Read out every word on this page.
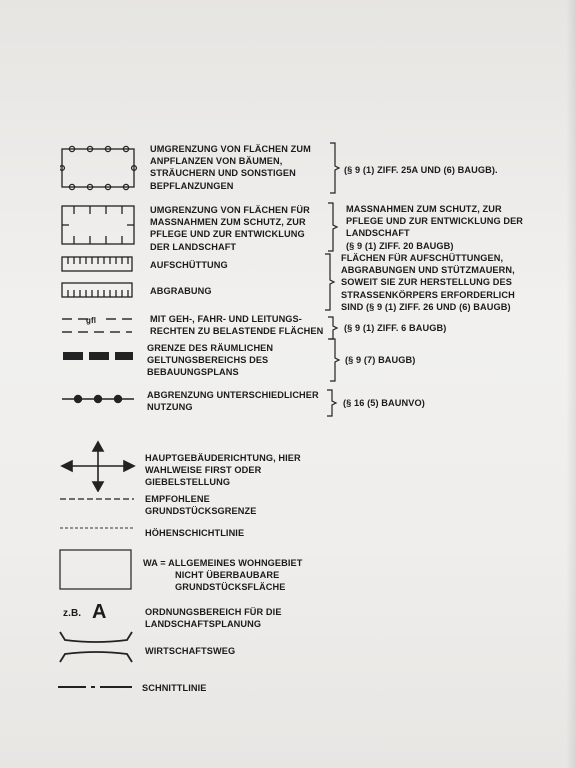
UMGRENZUNG VON FLÄCHEN ZUM
ANPFLANZEN VON BÄUMEN,
STRÄUCHERN UND SONSTIGEN
BEPFLANZUNGEN
(§ 9 (1) ZIFF. 25A UND (6) BAUGB).
UMGRENZUNG VON FLÄCHEN FÜR
MASSNAHMEN ZUM SCHUTZ, ZUR
PFLEGE UND ZUR ENTWICKLUNG
DER LANDSCHAFT
MASSNAHMEN ZUM SCHUTZ, ZUR
PFLEGE UND ZUR ENTWICKLUNG DER
LANDSCHAFT
(§ 9 (1) ZIFF. 20 BAUGB)
AUFSCHÜTTUNG
ABGRABUNG
FLÄCHEN FÜR AUFSCHÜTTUNGEN,
ABGRABUNGEN UND STÜTZMAUERN,
SOWEIT SIE ZUR HERSTELLUNG DES
STRASSENKÖRPERS ERFORDERLICH
SIND (§ 9 (1) ZIFF. 26 UND (6) BAUGB)
gfl	MIT GEH-, FAHR- UND LEITUNGS-
RECHTEN ZU BELASTENDE FLÄCHEN (§ 9 (1) ZIFF. 6 BAUGB)
GRENZE DES RÄUMLICHEN
GELTUNGSBEREICHS DES
BEBAUUNGSPLANS
(§ 9 (7) BAUGB)
ABGRENZUNG UNTERSCHIEDLICHER
NUTZUNG	(§ 16 (5) BAUNVO)
HAUPTGEBÄUDERICHTUNG, HIER
WAHLWEISE FIRST ODER
GIEBELSTELLUNG
EMPFOHLENE
GRUNDSTÜCKSGRENZE
HÖHENSCHICHTLINIE
WA = ALLGEMEINES WOHNGEBIET
NICHT ÜBERBAUBARE
GRUNDSTÜCKSFLÄCHE
z.B. A	ORDNUNGSBEREICH FÜR DIE
LANDSCHAFTSPLANUNG
WIRTSCHAFTSWEG
SCHNITTLINIE
